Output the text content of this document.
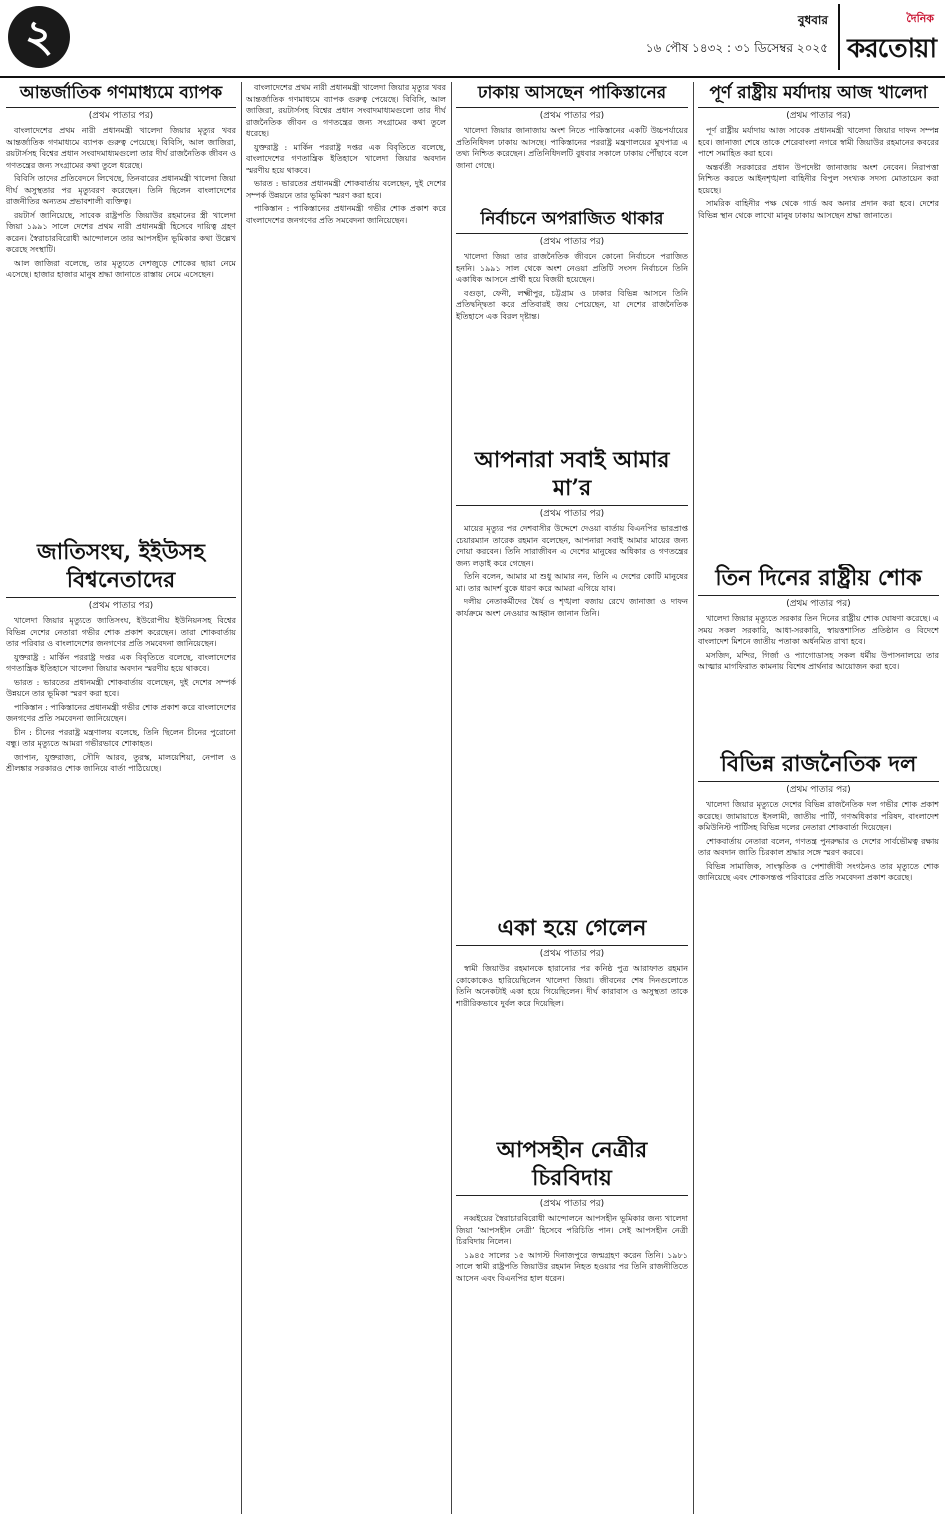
২	বুধবার
১৬ পৌষ ১৪৩২ : ৩১ ডিসেম্বর ২০২৫
দৈনিক
করতোয়া
আন্তর্জাতিক গণমাধ্যমে ব্যাপক
(প্রথম পাতার পর)

বাংলাদেশের প্রথম নারী প্রধানমন্ত্রী খালেদা জিয়ার মৃত্যুর খবর আন্তর্জাতিক গণমাধ্যমে ব্যাপক গুরুত্ব পেয়েছে। বিবিসি, আল জাজিরা, রয়টার্সসহ বিশ্বের প্রধান সংবাদমাধ্যমগুলো তার দীর্ঘ রাজনৈতিক জীবন ও গণতন্ত্রের জন্য সংগ্রামের কথা তুলে ধরেছে।

বিবিসি তাদের প্রতিবেদনে লিখেছে, তিনবারের প্রধানমন্ত্রী খালেদা জিয়া দীর্ঘ অসুস্থতার পর মৃত্যুবরণ করেছেন। তিনি ছিলেন বাংলাদেশের রাজনীতির অন্যতম প্রভাবশালী ব্যক্তিত্ব।

রয়টার্স জানিয়েছে, সাবেক রাষ্ট্রপতি জিয়াউর রহমানের স্ত্রী খালেদা জিয়া ১৯৯১ সালে দেশের প্রথম নারী প্রধানমন্ত্রী হিসেবে দায়িত্ব গ্রহণ করেন। স্বৈরাচারবিরোধী আন্দোলনে তার আপসহীন ভূমিকার কথা উল্লেখ করেছে সংস্থাটি।

আল জাজিরা বলেছে, তার মৃত্যুতে দেশজুড়ে শোকের ছায়া নেমে এসেছে। হাজার হাজার মানুষ শ্রদ্ধা জানাতে রাস্তায় নেমে এসেছেন।

জাতিসংঘ, ইইউসহ বিশ্বনেতাদের
(প্রথম পাতার পর)

খালেদা জিয়ার মৃত্যুতে জাতিসংঘ, ইউরোপীয় ইউনিয়নসহ বিশ্বের বিভিন্ন দেশের নেতারা গভীর শোক প্রকাশ করেছেন। তারা শোকবার্তায় তার পরিবার ও বাংলাদেশের জনগণের প্রতি সমবেদনা জানিয়েছেন।

যুক্তরাষ্ট্র : মার্কিন পররাষ্ট্র দপ্তর এক বিবৃতিতে বলেছে, বাংলাদেশের গণতান্ত্রিক ইতিহাসে খালেদা জিয়ার অবদান স্মরণীয় হয়ে থাকবে।

ভারত : ভারতের প্রধানমন্ত্রী শোকবার্তায় বলেছেন, দুই দেশের সম্পর্ক উন্নয়নে তার ভূমিকা স্মরণ করা হবে।

পাকিস্তান : পাকিস্তানের প্রধানমন্ত্রী গভীর শোক প্রকাশ করে বাংলাদেশের জনগণের প্রতি সমবেদনা জানিয়েছেন।

চীন : চীনের পররাষ্ট্র মন্ত্রণালয় বলেছে, তিনি ছিলেন চীনের পুরোনো বন্ধু। তার মৃত্যুতে আমরা গভীরভাবে শোকাহত।

জাপান, যুক্তরাজ্য, সৌদি আরব, তুরস্ক, মালয়েশিয়া, নেপাল ও শ্রীলঙ্কার সরকারও শোক জানিয়ে বার্তা পাঠিয়েছে।

বাংলাদেশের প্রথম নারী প্রধানমন্ত্রী খালেদা জিয়ার মৃত্যুর খবর আন্তর্জাতিক গণমাধ্যমে ব্যাপক গুরুত্ব পেয়েছে। বিবিসি, আল জাজিরা, রয়টার্সসহ বিশ্বের প্রধান সংবাদমাধ্যমগুলো তার দীর্ঘ রাজনৈতিক জীবন ও গণতন্ত্রের জন্য সংগ্রামের কথা তুলে ধরেছে।

যুক্তরাষ্ট্র : মার্কিন পররাষ্ট্র দপ্তর এক বিবৃতিতে বলেছে, বাংলাদেশের গণতান্ত্রিক ইতিহাসে খালেদা জিয়ার অবদান স্মরণীয় হয়ে থাকবে।

ভারত : ভারতের প্রধানমন্ত্রী শোকবার্তায় বলেছেন, দুই দেশের সম্পর্ক উন্নয়নে তার ভূমিকা স্মরণ করা হবে।

পাকিস্তান : পাকিস্তানের প্রধানমন্ত্রী গভীর শোক প্রকাশ করে বাংলাদেশের জনগণের প্রতি সমবেদনা জানিয়েছেন।

ঢাকায় আসছেন পাকিস্তানের
(প্রথম পাতার পর)

খালেদা জিয়ার জানাজায় অংশ নিতে পাকিস্তানের একটি উচ্চপর্যায়ের প্রতিনিধিদল ঢাকায় আসছে। পাকিস্তানের পররাষ্ট্র মন্ত্রণালয়ের মুখপাত্র এ তথ্য নিশ্চিত করেছেন। প্রতিনিধিদলটি বুধবার সকালে ঢাকায় পৌঁছাবে বলে জানা গেছে।

নির্বাচনে অপরাজিত থাকার
(প্রথম পাতার পর)

খালেদা জিয়া তার রাজনৈতিক জীবনে কোনো নির্বাচনে পরাজিত হননি। ১৯৯১ সাল থেকে অংশ নেওয়া প্রতিটি সংসদ নির্বাচনে তিনি একাধিক আসনে প্রার্থী হয়ে বিজয়ী হয়েছেন।

বগুড়া, ফেনী, লক্ষ্মীপুর, চট্টগ্রাম ও ঢাকার বিভিন্ন আসনে তিনি প্রতিদ্বন্দ্বিতা করে প্রতিবারই জয় পেয়েছেন, যা দেশের রাজনৈতিক ইতিহাসে এক বিরল দৃষ্টান্ত।

আপনারা সবাই আমার মা’র
(প্রথম পাতার পর)

মায়ের মৃত্যুর পর দেশবাসীর উদ্দেশে দেওয়া বার্তায় বিএনপির ভারপ্রাপ্ত চেয়ারম্যান তারেক রহমান বলেছেন, আপনারা সবাই আমার মায়ের জন্য দোয়া করবেন। তিনি সারাজীবন এ দেশের মানুষের অধিকার ও গণতন্ত্রের জন্য লড়াই করে গেছেন।

তিনি বলেন, আমার মা শুধু আমার নন, তিনি এ দেশের কোটি মানুষের মা। তার আদর্শ বুকে ধারণ করে আমরা এগিয়ে যাব।

দলীয় নেতাকর্মীদের ধৈর্য ও শৃঙ্খলা বজায় রেখে জানাজা ও দাফন কার্যক্রমে অংশ নেওয়ার আহ্বান জানান তিনি।

একা হয়ে গেলেন
(প্রথম পাতার পর)

স্বামী জিয়াউর রহমানকে হারানোর পর কনিষ্ঠ পুত্র আরাফাত রহমান কোকোকেও হারিয়েছিলেন খালেদা জিয়া। জীবনের শেষ দিনগুলোতে তিনি অনেকটাই একা হয়ে গিয়েছিলেন। দীর্ঘ কারাবাস ও অসুস্থতা তাকে শারীরিকভাবে দুর্বল করে দিয়েছিল।

আপসহীন নেত্রীর চিরবিদায়
(প্রথম পাতার পর)

নব্বইয়ের স্বৈরাচারবিরোধী আন্দোলনে আপসহীন ভূমিকার জন্য খালেদা জিয়া ‘আপসহীন নেত্রী’ হিসেবে পরিচিতি পান। সেই আপসহীন নেত্রী চিরবিদায় নিলেন।

১৯৪৫ সালের ১৫ আগস্ট দিনাজপুরে জন্মগ্রহণ করেন তিনি। ১৯৮১ সালে স্বামী রাষ্ট্রপতি জিয়াউর রহমান নিহত হওয়ার পর তিনি রাজনীতিতে আসেন এবং বিএনপির হাল ধরেন।

পূর্ণ রাষ্ট্রীয় মর্যাদায় আজ খালেদা
(প্রথম পাতার পর)

পূর্ণ রাষ্ট্রীয় মর্যাদায় আজ সাবেক প্রধানমন্ত্রী খালেদা জিয়ার দাফন সম্পন্ন হবে। জানাজা শেষে তাকে শেরেবাংলা নগরে স্বামী জিয়াউর রহমানের কবরের পাশে সমাহিত করা হবে।

অন্তর্বর্তী সরকারের প্রধান উপদেষ্টা জানাজায় অংশ নেবেন। নিরাপত্তা নিশ্চিত করতে আইনশৃঙ্খলা বাহিনীর বিপুল সংখ্যক সদস্য মোতায়েন করা হয়েছে।

সামরিক বাহিনীর পক্ষ থেকে গার্ড অব অনার প্রদান করা হবে। দেশের বিভিন্ন স্থান থেকে লাখো মানুষ ঢাকায় আসছেন শ্রদ্ধা জানাতে।

তিন দিনের রাষ্ট্রীয় শোক
(প্রথম পাতার পর)

খালেদা জিয়ার মৃত্যুতে সরকার তিন দিনের রাষ্ট্রীয় শোক ঘোষণা করেছে। এ সময় সকল সরকারি, আধা-সরকারি, স্বায়ত্তশাসিত প্রতিষ্ঠান ও বিদেশে বাংলাদেশ মিশনে জাতীয় পতাকা অর্ধনমিত রাখা হবে।

মসজিদ, মন্দির, গির্জা ও প্যাগোডাসহ সকল ধর্মীয় উপাসনালয়ে তার আত্মার মাগফিরাত কামনায় বিশেষ প্রার্থনার আয়োজন করা হবে।

বিভিন্ন রাজনৈতিক দল
(প্রথম পাতার পর)

খালেদা জিয়ার মৃত্যুতে দেশের বিভিন্ন রাজনৈতিক দল গভীর শোক প্রকাশ করেছে। জামায়াতে ইসলামী, জাতীয় পার্টি, গণঅধিকার পরিষদ, বাংলাদেশ কমিউনিস্ট পার্টিসহ বিভিন্ন দলের নেতারা শোকবার্তা দিয়েছেন।

শোকবার্তায় নেতারা বলেন, গণতন্ত্র পুনরুদ্ধার ও দেশের সার্বভৌমত্ব রক্ষায় তার অবদান জাতি চিরকাল শ্রদ্ধার সঙ্গে স্মরণ করবে।

বিভিন্ন সামাজিক, সাংস্কৃতিক ও পেশাজীবী সংগঠনও তার মৃত্যুতে শোক জানিয়েছে এবং শোকসন্তপ্ত পরিবারের প্রতি সমবেদনা প্রকাশ করেছে।
